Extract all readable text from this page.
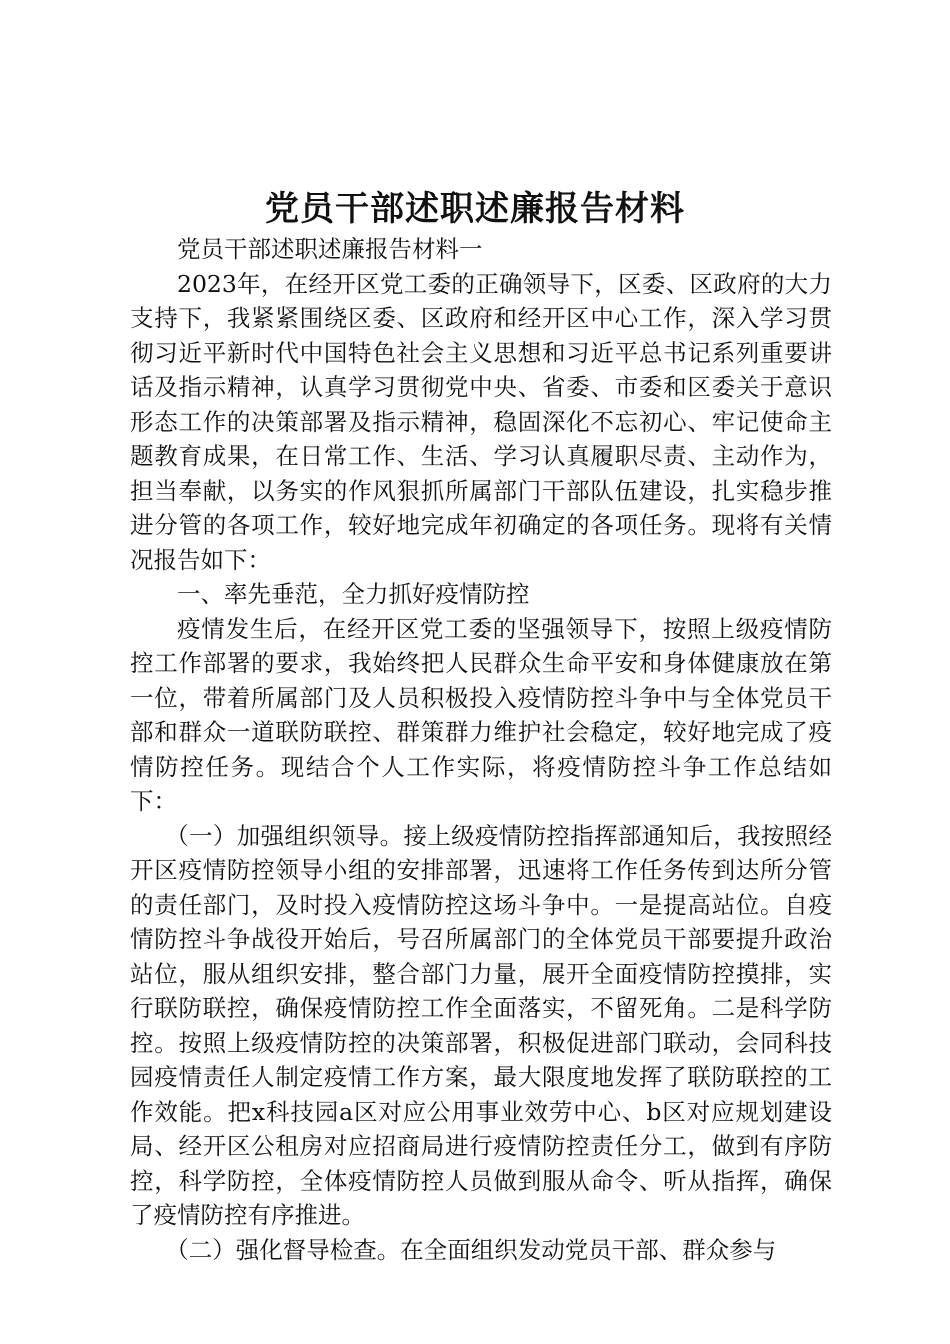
党员干部述职述廉报告材料

党员干部述职述廉报告材料一

2023年，在经开区党工委的正确领导下，区委、区政府的大力支持下，我紧紧围绕区委、区政府和经开区中心工作，深入学习贯彻习近平新时代中国特色社会主义思想和习近平总书记系列重要讲话及指示精神，认真学习贯彻党中央、省委、市委和区委关于意识形态工作的决策部署及指示精神，稳固深化不忘初心、牢记使命主题教育成果，在日常工作、生活、学习认真履职尽责、主动作为，担当奉献，以务实的作风狠抓所属部门干部队伍建设，扎实稳步推进分管的各项工作，较好地完成年初确定的各项任务。现将有关情况报告如下：

一、率先垂范，全力抓好疫情防控

疫情发生后，在经开区党工委的坚强领导下，按照上级疫情防控工作部署的要求，我始终把人民群众生命平安和身体健康放在第一位，带着所属部门及人员积极投入疫情防控斗争中与全体党员干部和群众一道联防联控、群策群力维护社会稳定，较好地完成了疫情防控任务。现结合个人工作实际，将疫情防控斗争工作总结如下：

（一）加强组织领导。接上级疫情防控指挥部通知后，我按照经开区疫情防控领导小组的安排部署，迅速将工作任务传到达所分管的责任部门，及时投入疫情防控这场斗争中。一是提高站位。自疫情防控斗争战役开始后，号召所属部门的全体党员干部要提升政治站位，服从组织安排，整合部门力量，展开全面疫情防控摸排，实行联防联控，确保疫情防控工作全面落实，不留死角。二是科学防控。按照上级疫情防控的决策部署，积极促进部门联动，会同科技园疫情责任人制定疫情工作方案，最大限度地发挥了联防联控的工作效能。把x科技园a区对应公用事业效劳中心、b区对应规划建设局、经开区公租房对应招商局进行疫情防控责任分工，做到有序防控，科学防控，全体疫情防控人员做到服从命令、听从指挥，确保了疫情防控有序推进。

（二）强化督导检查。在全面组织发动党员干部、群众参与
